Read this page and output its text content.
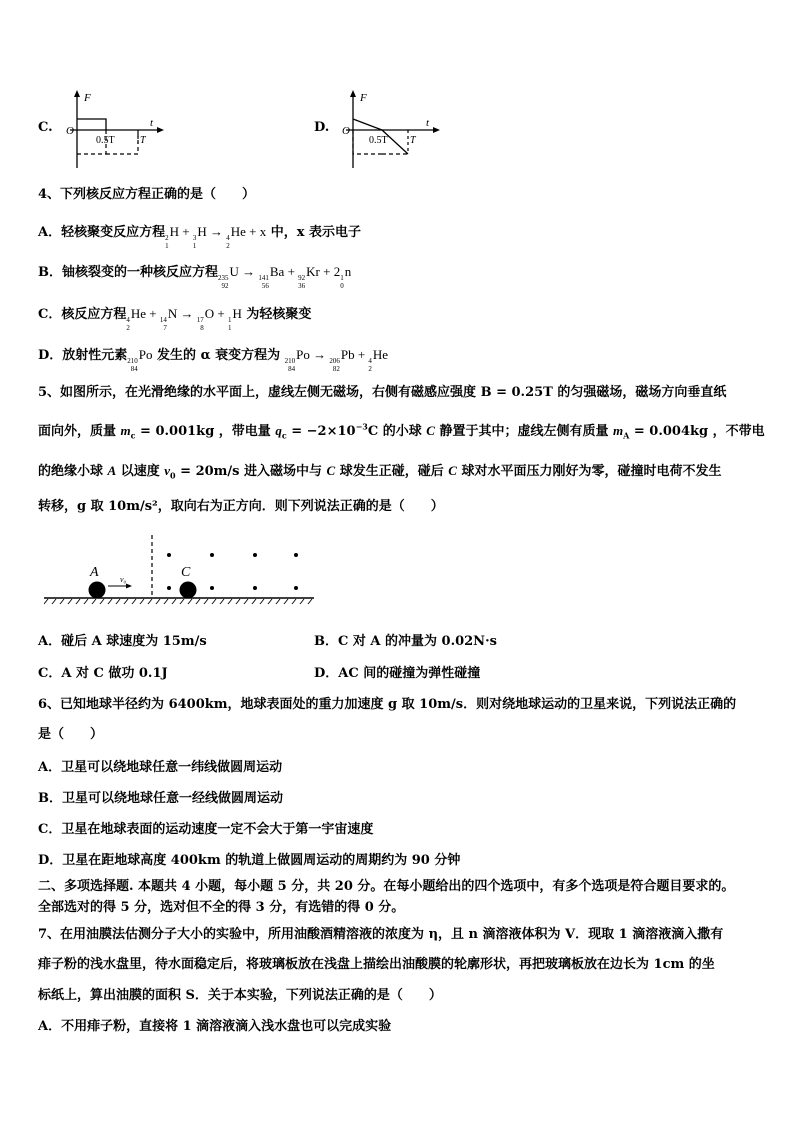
C.
F
O
t
0.5T	T
D.
F
O
t
0.5T T
4、下列核反应方程正确的是（　　）
A．轻核聚变反应方程 2
1
H + 3
1
H → 4
2
He + x 中，x 表示电子
B．铀核裂变的一种核反应方程 235
92
U → 141
56
Ba + 92
36
Kr + 2 1
0
n
C．核反应方程 4
2
He + 14
7
N → 17
8
O + 1
1
H 为轻核聚变
D．放射性元素 210
84
Po 发生的 α 衰变方程为 210
84
Po → 206
82
Pb + 4
2
He
5、如图所示，在光滑绝缘的水平面上，虚线左侧无磁场，右侧有磁感应强度 B = 0.25T 的匀强磁场，磁场方向垂直纸
面向外，质量 $m_c = 0.001kg$ ，带电量 $q_c = -2\times 10^{-3}C$ 的小球 C 静置于其中；虚线左侧有质量 $m_A = 0.004kg$ ，不带电
的绝缘小球 A 以速度 $v_0 = 20m/s$ 进入磁场中与 C 球发生正碰，碰后 C 球对水平面压力刚好为零，碰撞时电荷不发生
转移，g 取 10m/s²，取向右为正方向．则下列说法正确的是（　　）
A	C
v₀
A．碰后 A 球速度为 15m/s	B．C 对 A 的冲量为 0.02N·s
C．A 对 C 做功 0.1J	D．AC 间的碰撞为弹性碰撞
6、已知地球半径约为 6400km，地球表面处的重力加速度 g 取 10m/s．则对绕地球运动的卫星来说，下列说法正确的
是（　　）
A．卫星可以绕地球任意一纬线做圆周运动
B．卫星可以绕地球任意一经线做圆周运动
C．卫星在地球表面的运动速度一定不会大于第一宇宙速度
D．卫星在距地球高度 400km 的轨道上做圆周运动的周期约为 90 分钟
二、多项选择题. 本题共 4 小题，每小题 5 分，共 20 分。在每小题给出的四个选项中，有多个选项是符合题目要求的。
全部选对的得 5 分，选对但不全的得 3 分，有选错的得 0 分。
7、在用油膜法估测分子大小的实验中，所用油酸酒精溶液的浓度为 η，且 n 滴溶液体积为 V．现取 1 滴溶液滴入撒有
痱子粉的浅水盘里，待水面稳定后，将玻璃板放在浅盘上描绘出油酸膜的轮廓形状，再把玻璃板放在边长为 1cm 的坐
标纸上，算出油膜的面积 S．关于本实验，下列说法正确的是（　　）
A．不用痱子粉，直接将 1 滴溶液滴入浅水盘也可以完成实验
